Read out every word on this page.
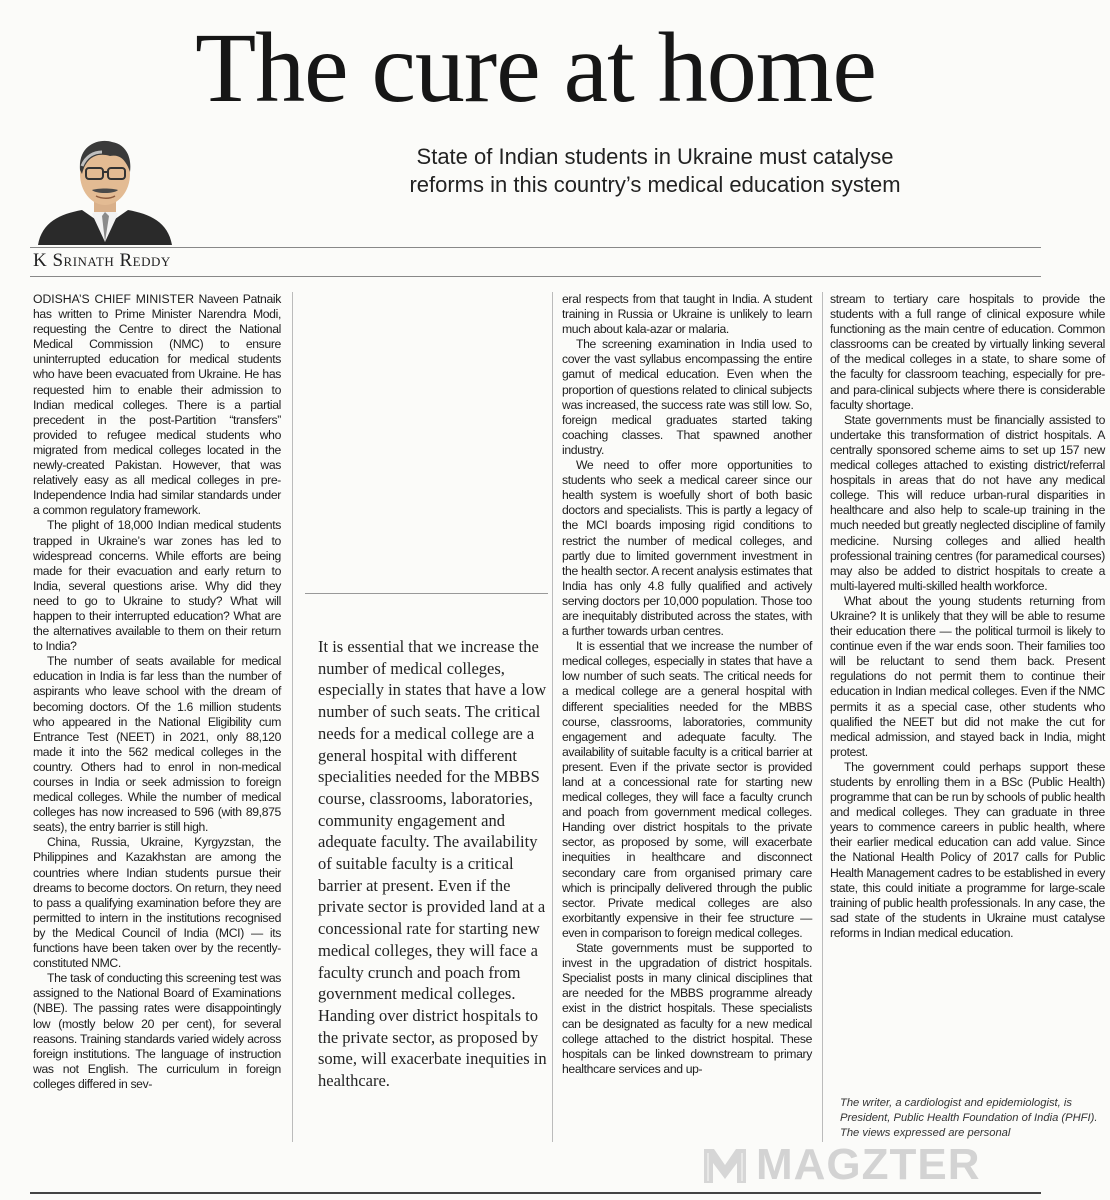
The cure at home
State of Indian students in Ukraine must catalyse
reforms in this country’s medical education system
K Srinath Reddy

ODISHA’S CHIEF MINISTER Naveen Patnaik has written to Prime Minister Narendra Modi, requesting the Centre to direct the National Medical Commission (NMC) to ensure uninterrupted education for medical students who have been evacuated from Ukraine. He has requested him to enable their admission to Indian medical colleges. There is a partial precedent in the post-Partition “transfers” provided to refugee medical students who migrated from medical colleges located in the newly-created Pakistan. However, that was relatively easy as all medical colleges in pre-Independence India had similar standards under a common regulatory framework.

The plight of 18,000 Indian medical students trapped in Ukraine’s war zones has led to widespread concerns. While efforts are being made for their evacuation and early return to India, several questions arise. Why did they need to go to Ukraine to study? What will happen to their interrupted education? What are the alternatives available to them on their return to India?

The number of seats available for medical education in India is far less than the number of aspirants who leave school with the dream of becoming doctors. Of the 1.6 million students who appeared in the National Eligibility cum Entrance Test (NEET) in 2021, only 88,120 made it into the 562 medical colleges in the country. Others had to enrol in non-medical courses in India or seek admission to foreign medical colleges. While the number of medical colleges has now increased to 596 (with 89,875 seats), the entry barrier is still high.

China, Russia, Ukraine, Kyrgyzstan, the Philippines and Kazakhstan are among the countries where Indian students pursue their dreams to become doctors. On return, they need to pass a qualifying examination before they are permitted to intern in the institutions recognised by the Medical Council of India (MCI) — its functions have been taken over by the recently-constituted NMC.

The task of conducting this screening test was assigned to the National Board of Examinations (NBE). The passing rates were disappointingly low (mostly below 20 per cent), for several reasons. Training standards varied widely across foreign institutions. The language of instruction was not English. The curriculum in foreign colleges differed in sev-

It is essential that we increase the number of medical colleges, especially in states that have a low number of such seats. The critical needs for a medical college are a general hospital with different specialities needed for the MBBS course, classrooms, laboratories, community engagement and adequate faculty. The availability of suitable faculty is a critical barrier at present. Even if the private sector is provided land at a concessional rate for starting new medical colleges, they will face a faculty crunch and poach from government medical colleges. Handing over district hospitals to the private sector, as proposed by some, will exacerbate inequities in healthcare.

eral respects from that taught in India. A student training in Russia or Ukraine is unlikely to learn much about kala-azar or malaria.

The screening examination in India used to cover the vast syllabus encompassing the entire gamut of medical education. Even when the proportion of questions related to clinical subjects was increased, the success rate was still low. So, foreign medical graduates started taking coaching classes. That spawned another industry.

We need to offer more opportunities to students who seek a medical career since our health system is woefully short of both basic doctors and specialists. This is partly a legacy of the MCI boards imposing rigid conditions to restrict the number of medical colleges, and partly due to limited government investment in the health sector. A recent analysis estimates that India has only 4.8 fully qualified and actively serving doctors per 10,000 population. Those too are inequitably distributed across the states, with a further towards urban centres.

It is essential that we increase the number of medical colleges, especially in states that have a low number of such seats. The critical needs for a medical college are a general hospital with different specialities needed for the MBBS course, classrooms, laboratories, community engagement and adequate faculty. The availability of suitable faculty is a critical barrier at present. Even if the private sector is provided land at a concessional rate for starting new medical colleges, they will face a faculty crunch and poach from government medical colleges. Handing over district hospitals to the private sector, as proposed by some, will exacerbate inequities in healthcare and disconnect secondary care from organised primary care which is principally delivered through the public sector. Private medical colleges are also exorbitantly expensive in their fee structure — even in comparison to foreign medical colleges.

State governments must be supported to invest in the upgradation of district hospitals. Specialist posts in many clinical disciplines that are needed for the MBBS programme already exist in the district hospitals. These specialists can be designated as faculty for a new medical college attached to the district hospital. These hospitals can be linked downstream to primary healthcare services and up-

stream to tertiary care hospitals to provide the students with a full range of clinical exposure while functioning as the main centre of education. Common classrooms can be created by virtually linking several of the medical colleges in a state, to share some of the faculty for classroom teaching, especially for pre- and para-clinical subjects where there is considerable faculty shortage.

State governments must be financially assisted to undertake this transformation of district hospitals. A centrally sponsored scheme aims to set up 157 new medical colleges attached to existing district/referral hospitals in areas that do not have any medical college. This will reduce urban-rural disparities in healthcare and also help to scale-up training in the much needed but greatly neglected discipline of family medicine. Nursing colleges and allied health professional training centres (for paramedical courses) may also be added to district hospitals to create a multi-layered multi-skilled health workforce.

What about the young students returning from Ukraine? It is unlikely that they will be able to resume their education there — the political turmoil is likely to continue even if the war ends soon. Their families too will be reluctant to send them back. Present regulations do not permit them to continue their education in Indian medical colleges. Even if the NMC permits it as a special case, other students who qualified the NEET but did not make the cut for medical admission, and stayed back in India, might protest.

The government could perhaps support these students by enrolling them in a BSc (Public Health) programme that can be run by schools of public health and medical colleges. They can graduate in three years to commence careers in public health, where their earlier medical education can add value. Since the National Health Policy of 2017 calls for Public Health Management cadres to be established in every state, this could initiate a programme for large-scale training of public health professionals. In any case, the sad state of the students in Ukraine must catalyse reforms in Indian medical education.

The writer, a cardiologist and epidemiologist, is President, Public Health Foundation of India (PHFI). The views expressed are personal

MAGZTER
